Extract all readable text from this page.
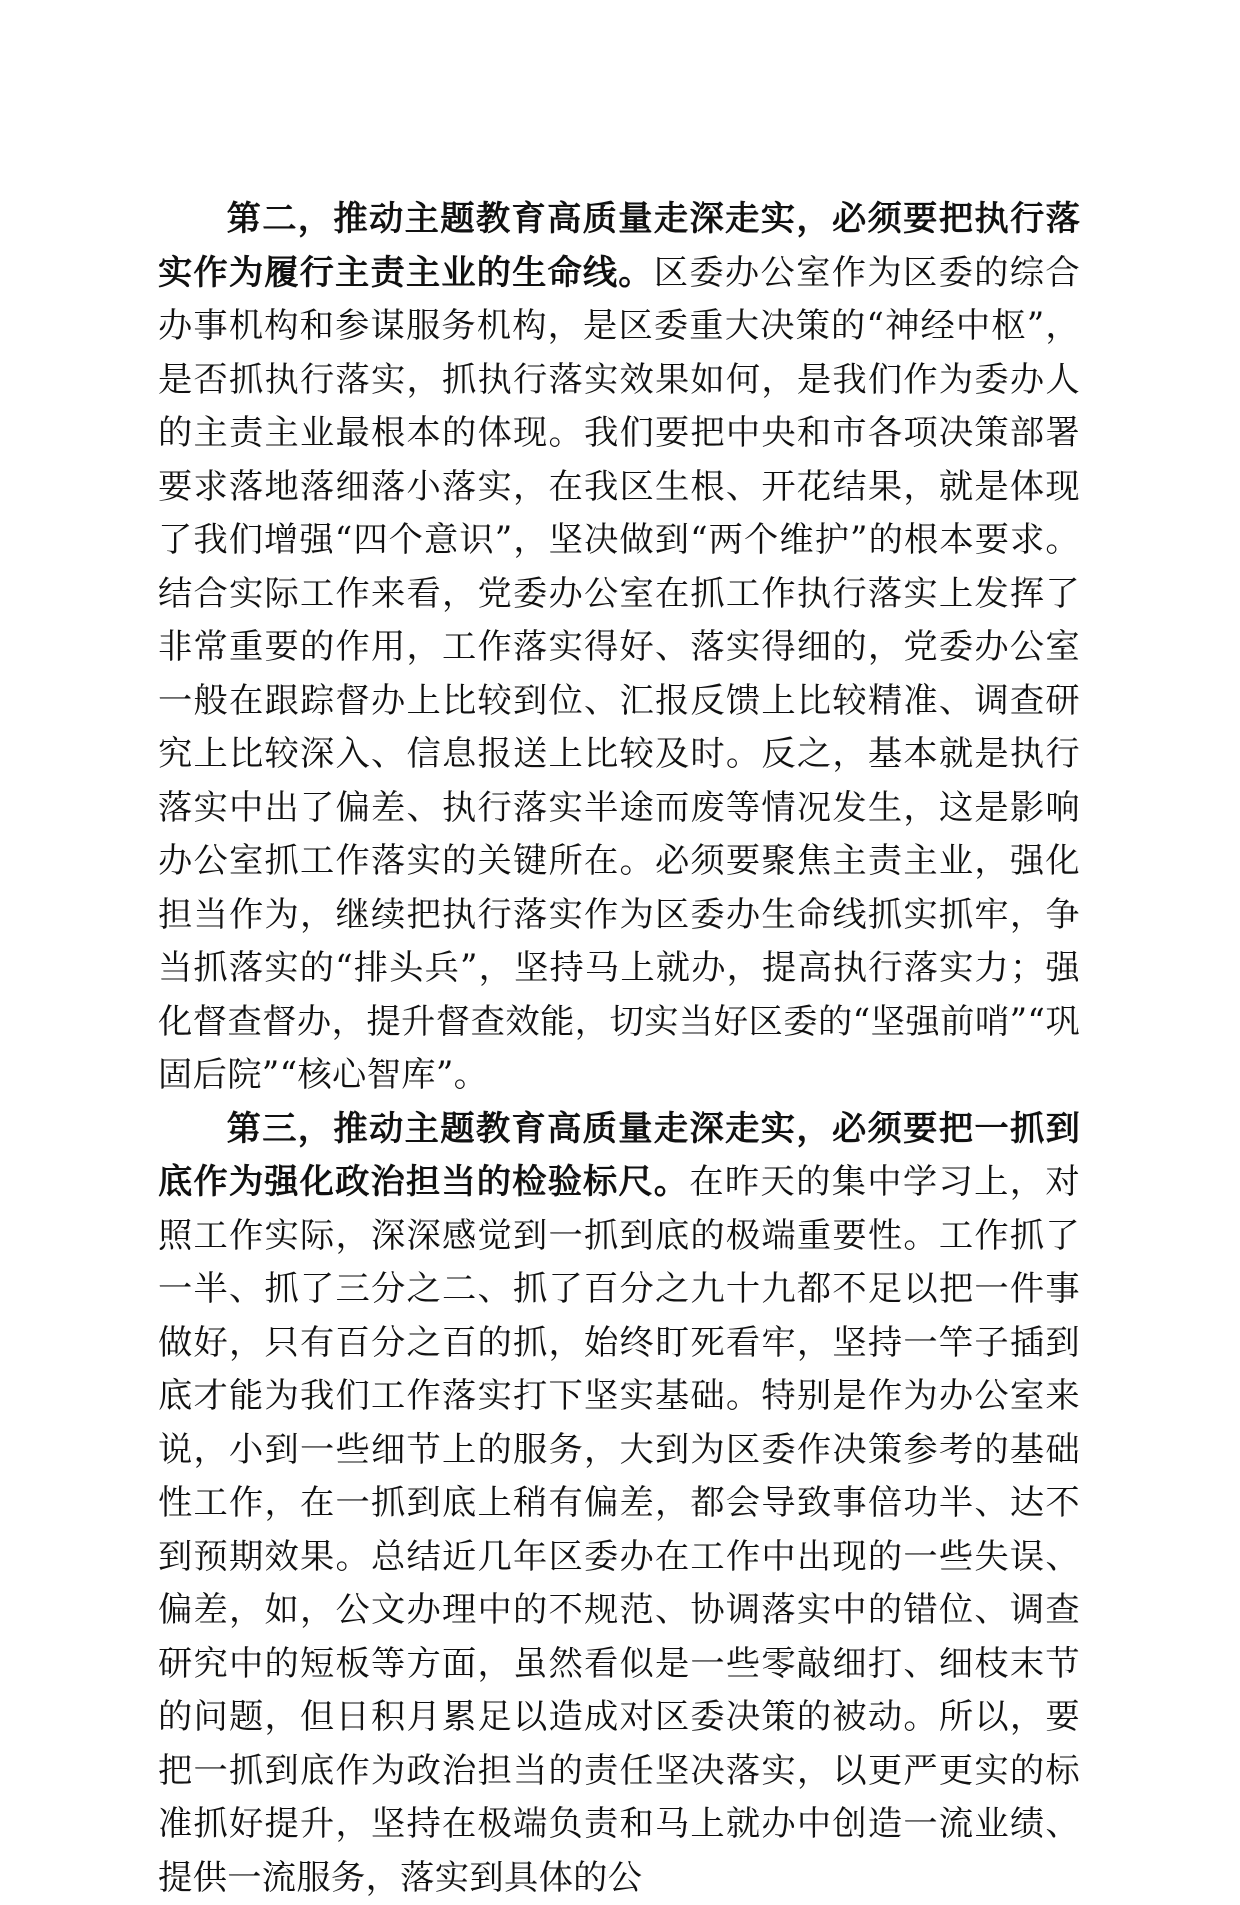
第二，推动主题教育高质量走深走实，必须要把执行落实作为履行主责主业的生命线。区委办公室作为区委的综合办事机构和参谋服务机构，是区委重大决策的“神经中枢”，是否抓执行落实，抓执行落实效果如何，是我们作为委办人的主责主业最根本的体现。我们要把中央和市各项决策部署要求落地落细落小落实，在我区生根、开花结果，就是体现了我们增强“四个意识”，坚决做到“两个维护”的根本要求。结合实际工作来看，党委办公室在抓工作执行落实上发挥了非常重要的作用，工作落实得好、落实得细的，党委办公室一般在跟踪督办上比较到位、汇报反馈上比较精准、调查研究上比较深入、信息报送上比较及时。反之，基本就是执行落实中出了偏差、执行落实半途而废等情况发生，这是影响办公室抓工作落实的关键所在。必须要聚焦主责主业，强化担当作为，继续把执行落实作为区委办生命线抓实抓牢，争当抓落实的“排头兵”，坚持马上就办，提高执行落实力；强化督查督办，提升督查效能，切实当好区委的“坚强前哨”“巩固后院”“核心智库”。

第三，推动主题教育高质量走深走实，必须要把一抓到底作为强化政治担当的检验标尺。在昨天的集中学习上，对照工作实际，深深感觉到一抓到底的极端重要性。工作抓了一半、抓了三分之二、抓了百分之九十九都不足以把一件事做好，只有百分之百的抓，始终盯死看牢，坚持一竿子插到底才能为我们工作落实打下坚实基础。特别是作为办公室来说，小到一些细节上的服务，大到为区委作决策参考的基础性工作，在一抓到底上稍有偏差，都会导致事倍功半、达不到预期效果。总结近几年区委办在工作中出现的一些失误、偏差，如，公文办理中的不规范、协调落实中的错位、调查研究中的短板等方面，虽然看似是一些零敲细打、细枝末节的问题，但日积月累足以造成对区委决策的被动。所以，要把一抓到底作为政治担当的责任坚决落实，以更严更实的标准抓好提升，坚持在极端负责和马上就办中创造一流业绩、提供一流服务，落实到具体的公
